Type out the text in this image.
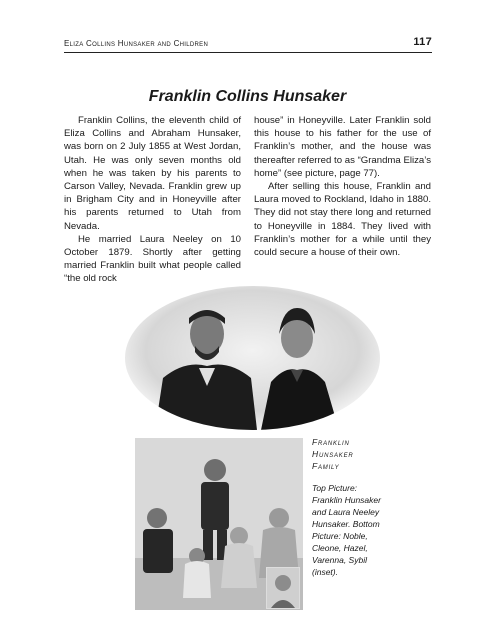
Eliza Collins Hunsaker and Children	117
Franklin Collins Hunsaker

Franklin Collins, the eleventh child of Eliza Collins and Abraham Hunsaker, was born on 2 July 1855 at West Jordan, Utah. He was only seven months old when he was taken by his parents to Carson Valley, Nevada. Franklin grew up in Brigham City and in Honeyville after his parents returned to Utah from Nevada.

He married Laura Neeley on 10 October 1879. Shortly after getting married Franklin built what people called “the old rock

house” in Honeyville. Later Franklin sold this house to his father for the use of Franklin’s mother, and the house was thereafter referred to as “Grandma Eliza’s home” (see picture, page 77).

After selling this house, Franklin and Laura moved to Rockland, Idaho in 1880. They did not stay there long and returned to Honeyville in 1884. They lived with Franklin’s mother for a while until they could secure a house of their own.

Franklin Hunsaker Family
Top Picture: Franklin Hunsaker and Laura Neeley Hunsaker. Bottom Picture: Noble, Cleone, Hazel, Varenna, Sybil (inset).
